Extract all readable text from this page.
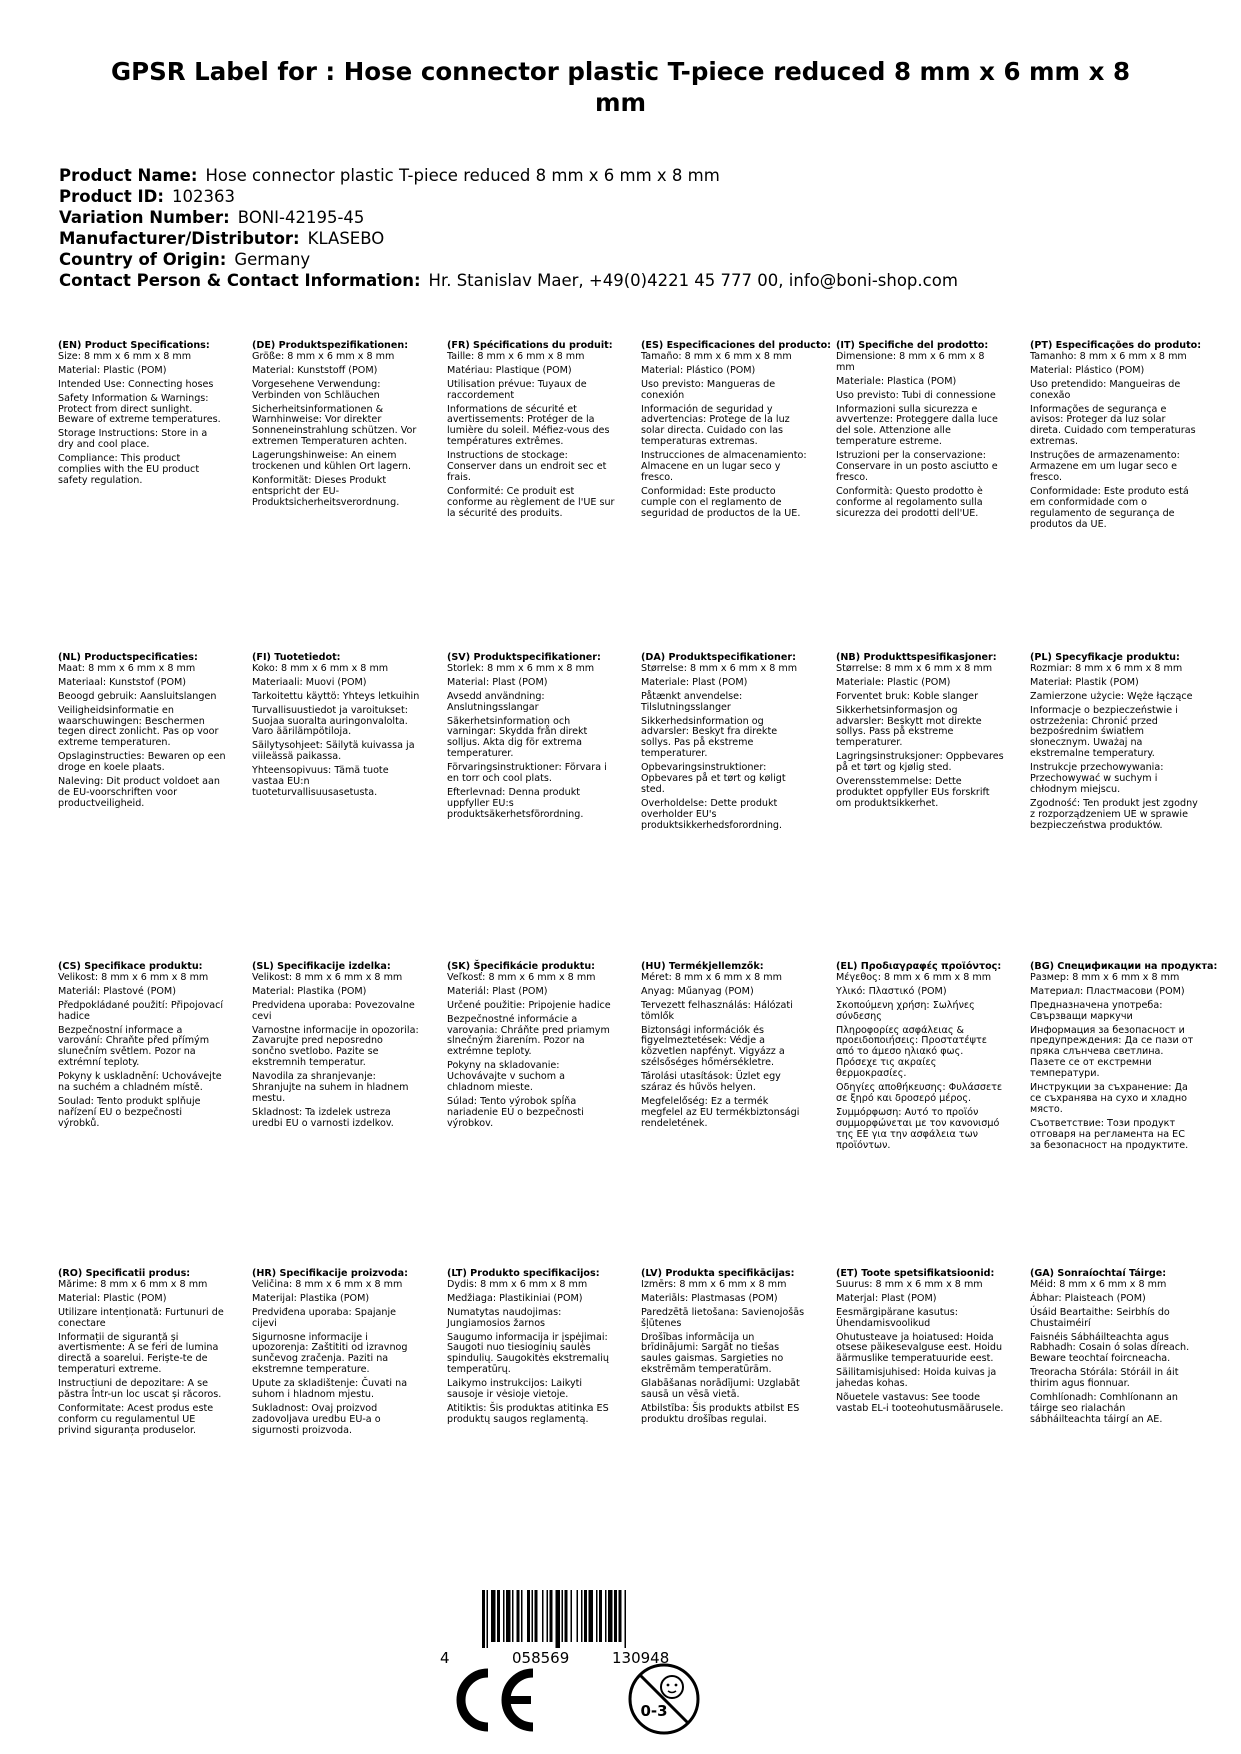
GPSR Label for : Hose connector plastic T-piece reduced 8 mm x 6 mm x 8 mm
Product Name: Hose connector plastic T-piece reduced 8 mm x 6 mm x 8 mm
Product ID: 102363
Variation Number: BONI-42195-45
Manufacturer/Distributor: KLASEBO
Country of Origin: Germany
Contact Person & Contact Information: Hr. Stanislav Maer, +49(0)4221 45 777 00, info@boni-shop.com
(EN) Product Specifications:
Size: 8 mm x 6 mm x 8 mm
Material: Plastic (POM)
Intended Use: Connecting hoses
Safety Information & Warnings: Protect from direct sunlight. Beware of extreme temperatures.
Storage Instructions: Store in a dry and cool place.
Compliance: This product complies with the EU product safety regulation.
(DE) Produktspezifikationen:
Größe: 8 mm x 6 mm x 8 mm
Material: Kunststoff (POM)
Vorgesehene Verwendung: Verbinden von Schläuchen
Sicherheitsinformationen & Warnhinweise: Vor direkter Sonneneinstrahlung schützen. Vor extremen Temperaturen achten.
Lagerungshinweise: An einem trockenen und kühlen Ort lagern.
Konformität: Dieses Produkt entspricht der EU-Produktsicherheitsverordnung.
(FR) Spécifications du produit:
Taille: 8 mm x 6 mm x 8 mm
Matériau: Plastique (POM)
Utilisation prévue: Tuyaux de raccordement
Informations de sécurité et avertissements: Protéger de la lumière du soleil. Méfiez-vous des températures extrêmes.
Instructions de stockage: Conserver dans un endroit sec et frais.
Conformité: Ce produit est conforme au règlement de l'UE sur la sécurité des produits.
(ES) Especificaciones del producto:
Tamaño: 8 mm x 6 mm x 8 mm
Material: Plástico (POM)
Uso previsto: Mangueras de conexión
Información de seguridad y advertencias: Protege de la luz solar directa. Cuidado con las temperaturas extremas.
Instrucciones de almacenamiento: Almacene en un lugar seco y fresco.
Conformidad: Este producto cumple con el reglamento de seguridad de productos de la UE.
(IT) Specifiche del prodotto:
Dimensione: 8 mm x 6 mm x 8 mm
Materiale: Plastica (POM)
Uso previsto: Tubi di connessione
Informazioni sulla sicurezza e avvertenze: Proteggere dalla luce del sole. Attenzione alle temperature estreme.
Istruzioni per la conservazione: Conservare in un posto asciutto e fresco.
Conformità: Questo prodotto è conforme al regolamento sulla sicurezza dei prodotti dell'UE.
(PT) Especificações do produto:
Tamanho: 8 mm x 6 mm x 8 mm
Material: Plástico (POM)
Uso pretendido: Mangueiras de conexão
Informações de segurança e avisos: Proteger da luz solar direta. Cuidado com temperaturas extremas.
Instruções de armazenamento: Armazene em um lugar seco e fresco.
Conformidade: Este produto está em conformidade com o regulamento de segurança de produtos da UE.
(NL) Productspecificaties:
Maat: 8 mm x 6 mm x 8 mm
Materiaal: Kunststof (POM)
Beoogd gebruik: Aansluitslangen
Veiligheidsinformatie en waarschuwingen: Beschermen tegen direct zonlicht. Pas op voor extreme temperaturen.
Opslaginstructies: Bewaren op een droge en koele plaats.
Naleving: Dit product voldoet aan de EU-voorschriften voor productveiligheid.
(FI) Tuotetiedot:
Koko: 8 mm x 6 mm x 8 mm
Materiaali: Muovi (POM)
Tarkoitettu käyttö: Yhteys letkuihin
Turvallisuustiedot ja varoitukset: Suojaa suoralta auringonvalolta. Varo äärilämpötiloja.
Säilytysohjeet: Säilytä kuivassa ja viileässä paikassa.
Yhteensopivuus: Tämä tuote vastaa EU:n tuoteturvallisuusasetusta.
(SV) Produktspecifikationer:
Storlek: 8 mm x 6 mm x 8 mm
Material: Plast (POM)
Avsedd användning: Anslutningsslangar
Säkerhetsinformation och varningar: Skydda från direkt solljus. Akta dig för extrema temperaturer.
Förvaringsinstruktioner: Förvara i en torr och cool plats.
Efterlevnad: Denna produkt uppfyller EU:s produktsäkerhetsförordning.
(DA) Produktspecifikationer:
Størrelse: 8 mm x 6 mm x 8 mm
Materiale: Plast (POM)
Påtænkt anvendelse: Tilslutningsslanger
Sikkerhedsinformation og advarsler: Beskyt fra direkte sollys. Pas på ekstreme temperaturer.
Opbevaringsinstruktioner: Opbevares på et tørt og køligt sted.
Overholdelse: Dette produkt overholder EU's produktsikkerhedsforordning.
(NB) Produkttspesifikasjoner:
Størrelse: 8 mm x 6 mm x 8 mm
Materiale: Plastic (POM)
Forventet bruk: Koble slanger
Sikkerhetsinformasjon og advarsler: Beskytt mot direkte sollys. Pass på ekstreme temperaturer.
Lagringsinstruksjoner: Oppbevares på et tørt og kjølig sted.
Overensstemmelse: Dette produktet oppfyller EUs forskrift om produktsikkerhet.
(PL) Specyfikacje produktu:
Rozmiar: 8 mm x 6 mm x 8 mm
Materiał: Plastik (POM)
Zamierzone użycie: Węże łączące
Informacje o bezpieczeństwie i ostrzeżenia: Chronić przed bezpośrednim światłem słonecznym. Uważaj na ekstremalne temperatury.
Instrukcje przechowywania: Przechowywać w suchym i chłodnym miejscu.
Zgodność: Ten produkt jest zgodny z rozporządzeniem UE w sprawie bezpieczeństwa produktów.
(CS) Specifikace produktu:
Velikost: 8 mm x 6 mm x 8 mm
Materiál: Plastové (POM)
Předpokládané použití: Připojovací hadice
Bezpečnostní informace a varování: Chraňte před přímým slunečním světlem. Pozor na extrémní teploty.
Pokyny k uskladnění: Uchovávejte na suchém a chladném místě.
Soulad: Tento produkt splňuje nařízení EU o bezpečnosti výrobků.
(SL) Specifikacije izdelka:
Velikost: 8 mm x 6 mm x 8 mm
Material: Plastika (POM)
Predvidena uporaba: Povezovalne cevi
Varnostne informacije in opozorila: Zavarujte pred neposredno sončno svetlobo. Pazite se ekstremnih temperatur.
Navodila za shranjevanje: Shranjujte na suhem in hladnem mestu.
Skladnost: Ta izdelek ustreza uredbi EU o varnosti izdelkov.
(SK) Špecifikácie produktu:
Veľkosť: 8 mm x 6 mm x 8 mm
Materiál: Plast (POM)
Určené použitie: Pripojenie hadice
Bezpečnostné informácie a varovania: Chráňte pred priamym slnečným žiarením. Pozor na extrémne teploty.
Pokyny na skladovanie: Uchovávajte v suchom a chladnom mieste.
Súlad: Tento výrobok spĺňa nariadenie EÚ o bezpečnosti výrobkov.
(HU) Termékjellemzők:
Méret: 8 mm x 6 mm x 8 mm
Anyag: Műanyag (POM)
Tervezett felhasználás: Hálózati tömlők
Biztonsági információk és figyelmeztetések: Védje a közvetlen napfényt. Vigyázz a szélsőséges hőmérsékletre.
Tárolási utasítások: Üzlet egy száraz és hűvös helyen.
Megfelelőség: Ez a termék megfelel az EU termékbiztonsági rendeletének.
(EL) Προδιαγραφές προϊόντος:
Μέγεθος: 8 mm x 6 mm x 8 mm
Υλικό: Πλαστικό (POM)
Σκοπούμενη χρήση: Σωλήνες σύνδεσης
Πληροφορίες ασφάλειας & προειδοποιήσεις: Προστατέψτε από το άμεσο ηλιακό φως. Πρόσεχε τις ακραίες θερμοκρασίες.
Οδηγίες αποθήκευσης: Φυλάσσετε σε ξηρό και δροσερό μέρος.
Συμμόρφωση: Αυτό το προϊόν συμμορφώνεται με τον κανονισμό της ΕΕ για την ασφάλεια των προϊόντων.
(BG) Спецификации на продукта:
Размер: 8 mm x 6 mm x 8 mm
Материал: Пластмасови (POM)
Предназначена употреба: Свързващи маркучи
Информация за безопасност и предупреждения: Да се пази от пряка слънчева светлина. Пазете се от екстремни температури.
Инструкции за съхранение: Да се съхранява на сухо и хладно място.
Съответствие: Този продукт отговаря на регламента на ЕС за безопасност на продуктите.
(RO) Specificatii produs:
Mărime: 8 mm x 6 mm x 8 mm
Material: Plastic (POM)
Utilizare intenționată: Furtunuri de conectare
Informații de siguranță și avertismente: A se feri de lumina directă a soarelui. Feriște-te de temperaturi extreme.
Instrucțiuni de depozitare: A se păstra într-un loc uscat și răcoros.
Conformitate: Acest produs este conform cu regulamentul UE privind siguranța produselor.
(HR) Specifikacije proizvoda:
Veličina: 8 mm x 6 mm x 8 mm
Materijal: Plastika (POM)
Predviđena uporaba: Spajanje cijevi
Sigurnosne informacije i upozorenja: Zaštititi od izravnog sunčevog zračenja. Paziti na ekstremne temperature.
Upute za skladištenje: Čuvati na suhom i hladnom mjestu.
Sukladnost: Ovaj proizvod zadovoljava uredbu EU-a o sigurnosti proizvoda.
(LT) Produkto specifikacijos:
Dydis: 8 mm x 6 mm x 8 mm
Medžiaga: Plastikiniai (POM)
Numatytas naudojimas: Jungiamosios žarnos
Saugumo informacija ir įspėjimai: Saugoti nuo tiesioginių saulės spindulių. Saugokitės ekstremalių temperatūrų.
Laikymo instrukcijos: Laikyti sausoje ir vėsioje vietoje.
Atitiktis: Šis produktas atitinka ES produktų saugos reglamentą.
(LV) Produkta specifikācijas:
Izmērs: 8 mm x 6 mm x 8 mm
Materiāls: Plastmasas (POM)
Paredzētā lietošana: Savienojošās šļūtenes
Drošības informācija un brīdinājumi: Sargāt no tiešas saules gaismas. Sargieties no ekstrēmām temperatūrām.
Glabāšanas norādījumi: Uzglabāt sausā un vēsā vietā.
Atbilstība: Šis produkts atbilst ES produktu drošības regulai.
(ET) Toote spetsifikatsioonid:
Suurus: 8 mm x 6 mm x 8 mm
Materjal: Plast (POM)
Eesmärgipärane kasutus: Ühendamisvoolikud
Ohutusteave ja hoiatused: Hoida otsese päikesevalguse eest. Hoidu äärmuslike temperatuuride eest.
Säilitamisjuhised: Hoida kuivas ja jahedas kohas.
Nõuetele vastavus: See toode vastab EL-i tooteohutusmäärusele.
(GA) Sonraíochtaí Táirge:
Méid: 8 mm x 6 mm x 8 mm
Ábhar: Plaisteach (POM)
Úsáid Beartaithe: Seirbhís do Chustaiméirí
Faisnéis Sábháilteachta agus Rabhadh: Cosain ó solas díreach. Beware teochtaí foircneacha.
Treoracha Stórála: Stóráil in áit thirim agus fionnuar.
Comhlíonadh: Comhlíonann an táirge seo rialachán sábháilteachta táirgí an AE.
4	058569	130948
0-3
